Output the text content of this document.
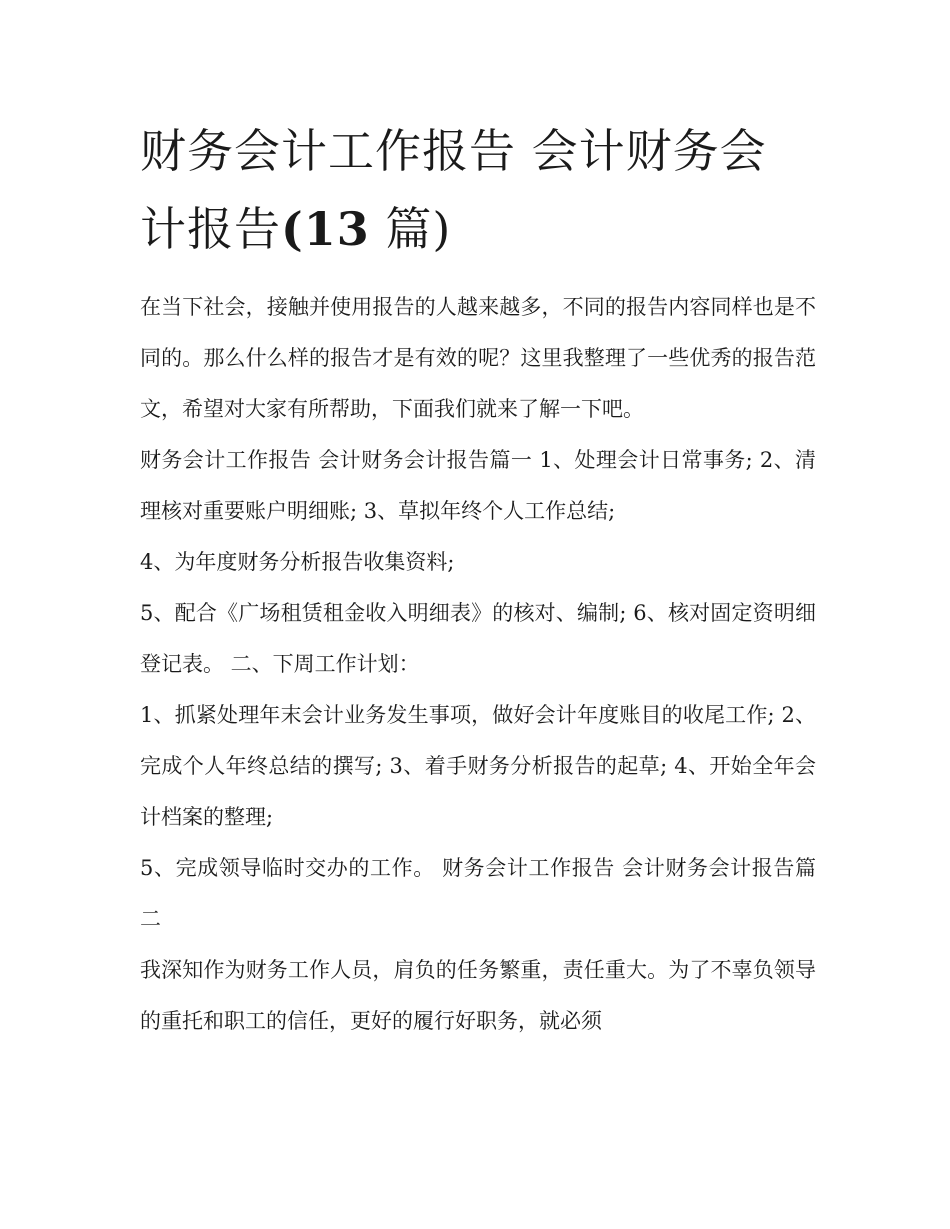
财务会计工作报告 会计财务会
计报告(13 篇)

在当下社会，接触并使用报告的人越来越多，不同的报告内容同样也是不同的。那么什么样的报告才是有效的呢？这里我整理了一些优秀的报告范文，希望对大家有所帮助，下面我们就来了解一下吧。

财务会计工作报告 会计财务会计报告篇一 1、处理会计日常事务; 2、清理核对重要账户明细账; 3、草拟年终个人工作总结;

4、为年度财务分析报告收集资料;

5、配合《广场租赁租金收入明细表》的核对、编制; 6、核对固定资明细登记表。 二、下周工作计划：

1、抓紧处理年末会计业务发生事项，做好会计年度账目的收尾工作; 2、完成个人年终总结的撰写; 3、着手财务分析报告的起草; 4、开始全年会计档案的整理;

5、完成领导临时交办的工作。 财务会计工作报告 会计财务会计报告篇二

我深知作为财务工作人员，肩负的任务繁重，责任重大。为了不辜负领导的重托和职工的信任，更好的履行好职务，就必须
